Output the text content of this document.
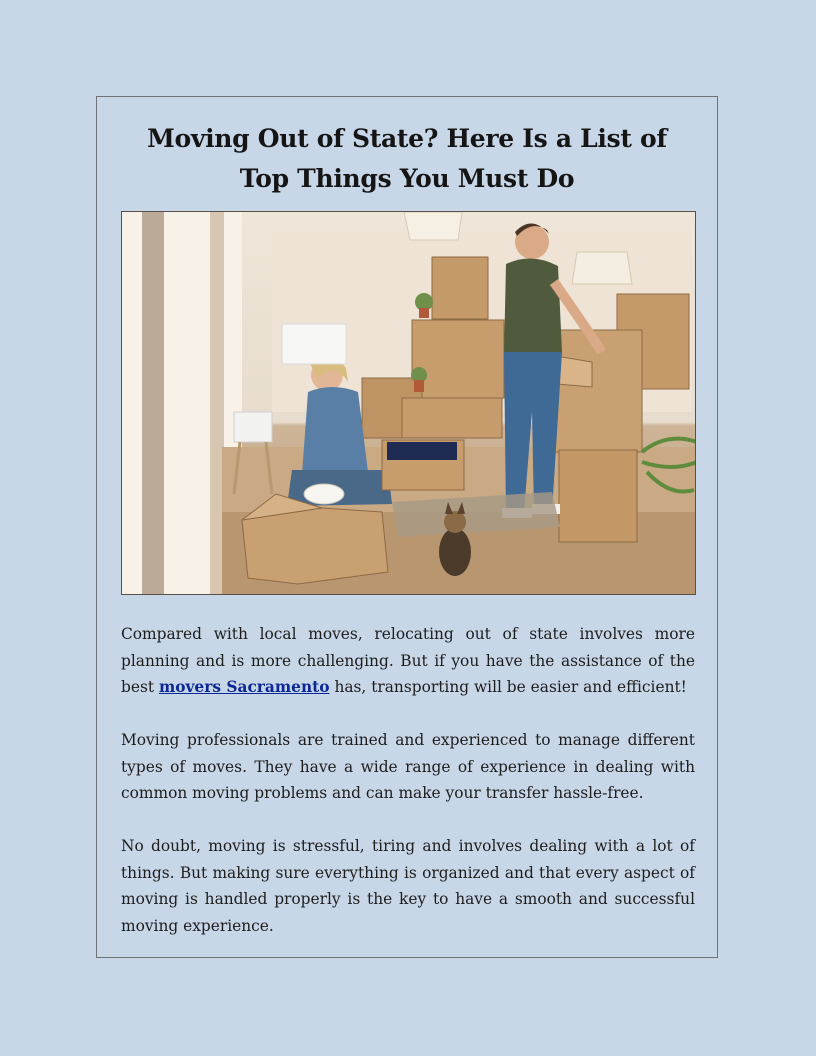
Moving Out of State? Here Is a List of Top Things You Must Do

Compared with local moves, relocating out of state involves more planning and is more challenging. But if you have the assistance of the best movers Sacramento has, transporting will be easier and efficient!

Moving professionals are trained and experienced to manage different types of moves. They have a wide range of experience in dealing with common moving problems and can make your transfer hassle-free.

No doubt, moving is stressful, tiring and involves dealing with a lot of things. But making sure everything is organized and that every aspect of moving is handled properly is the key to have a smooth and successful moving experience.
